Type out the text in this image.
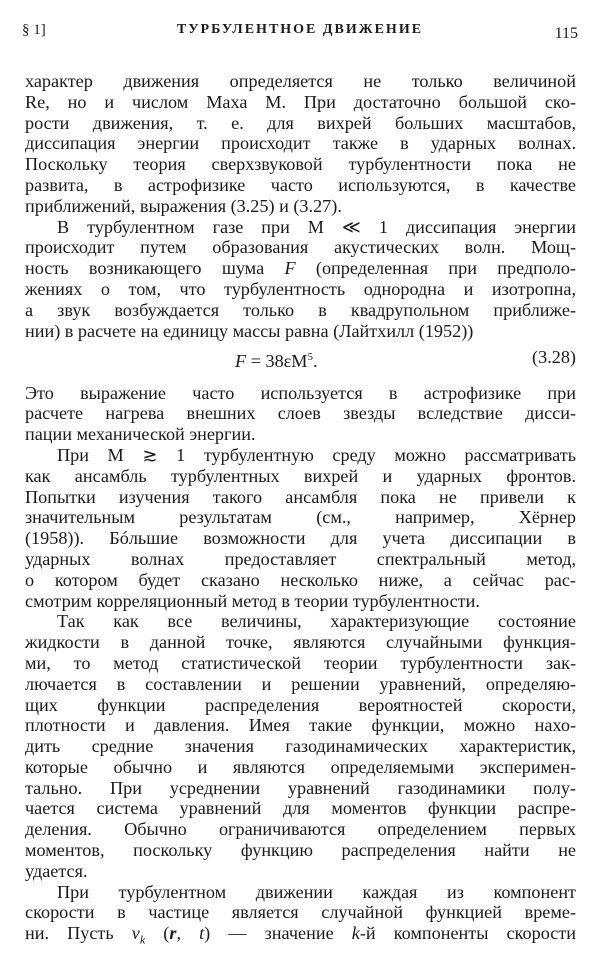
§ 1]	ТУРБУЛЕНТНОЕ ДВИЖЕНИЕ	115
характер движения определяется не только величиной
Re, но и числом Маха М. При достаточно большой ско-
рости движения, т. е. для вихрей больших масштабов,
диссипация энергии происходит также в ударных волнах.
Поскольку теория сверхзвуковой турбулентности пока не
развита, в астрофизике часто используются, в качестве
приближений, выражения (3.25) и (3.27).
В турбулентном газе при М ≪ 1 диссипация энергии
происходит путем образования акустических волн. Мощ-
ность возникающего шума F (определенная при предполо-
жениях о том, что турбулентность однородна и изотропна,
а звук возбуждается только в квадрупольном приближе-
нии) в расчете на единицу массы равна (Лайтхилл (1952))
$F = 38\varepsilon M^5$.	(3.28)
Это выражение часто используется в астрофизике при
расчете нагрева внешних слоев звезды вследствие дисси-
пации механической энергии.
При М ≳ 1 турбулентную среду можно рассматривать
как ансамбль турбулентных вихрей и ударных фронтов.
Попытки изучения такого ансамбля пока не привели к
значительным результатам (см., например, Хёрнер
(1958)). Бóльшие возможности для учета диссипации в
ударных волнах предоставляет спектральный метод,
о котором будет сказано несколько ниже, а сейчас рас-
смотрим корреляционный метод в теории турбулентности.
Так как все величины, характеризующие состояние
жидкости в данной точке, являются случайными функция-
ми, то метод статистической теории турбулентности зак-
лючается в составлении и решении уравнений, определяю-
щих функции распределения вероятностей скорости,
плотности и давления. Имея такие функции, можно нахо-
дить средние значения газодинамических характеристик,
которые обычно и являются определяемыми эксперимен-
тально. При усреднении уравнений газодинамики полу-
чается система уравнений для моментов функции распре-
деления. Обычно ограничиваются определением первых
моментов, поскольку функцию распределения найти не
удается.
При турбулентном движении каждая из компонент
скорости в частице является случайной функцией време-
ни. Пусть $v_k$ (r, t) — значение k-й компоненты скорости
